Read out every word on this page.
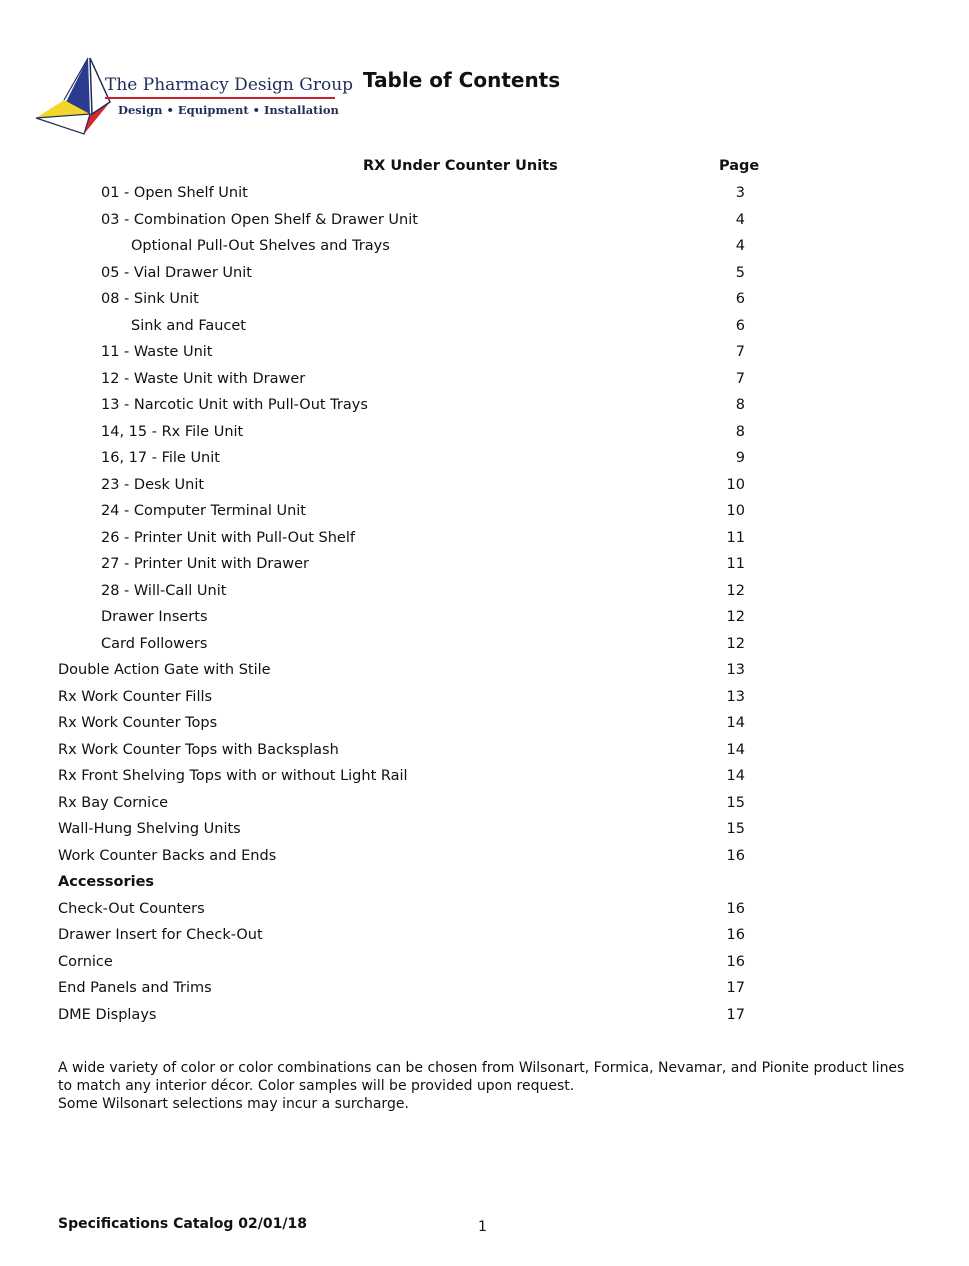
The Pharmacy Design Group
Design • Equipment • Installation
Table of Contents
RX Under Counter Units	Page
01 - Open Shelf Unit	3
03 - Combination Open Shelf & Drawer Unit	4
Optional Pull-Out Shelves and Trays	4
05 - Vial Drawer Unit	5
08 - Sink Unit	6
Sink and Faucet	6
11 - Waste Unit	7
12 - Waste Unit with Drawer	7
13 - Narcotic Unit with Pull-Out Trays	8
14, 15 - Rx File Unit	8
16, 17 - File Unit	9
23 - Desk Unit	10
24 - Computer Terminal Unit	10
26 - Printer Unit with Pull-Out Shelf	11
27 - Printer Unit with Drawer	11
28 - Will-Call Unit	12
Drawer Inserts	12
Card Followers	12
Double Action Gate with Stile	13
Rx Work Counter Fills	13
Rx Work Counter Tops	14
Rx Work Counter Tops with Backsplash	14
Rx Front Shelving Tops with or without Light Rail	14
Rx Bay Cornice	15
Wall-Hung Shelving Units	15
Work Counter Backs and Ends	16
Accessories
Check-Out Counters	16
Drawer Insert for Check-Out	16
Cornice	16
End Panels and Trims	17
DME Displays	17

A wide variety of color or color combinations can be chosen from Wilsonart, Formica, Nevamar, and Pionite product lines
to match any interior décor. Color samples will be provided upon request.
Some Wilsonart selections may incur a surcharge.

Specifications Catalog 02/01/18	1
